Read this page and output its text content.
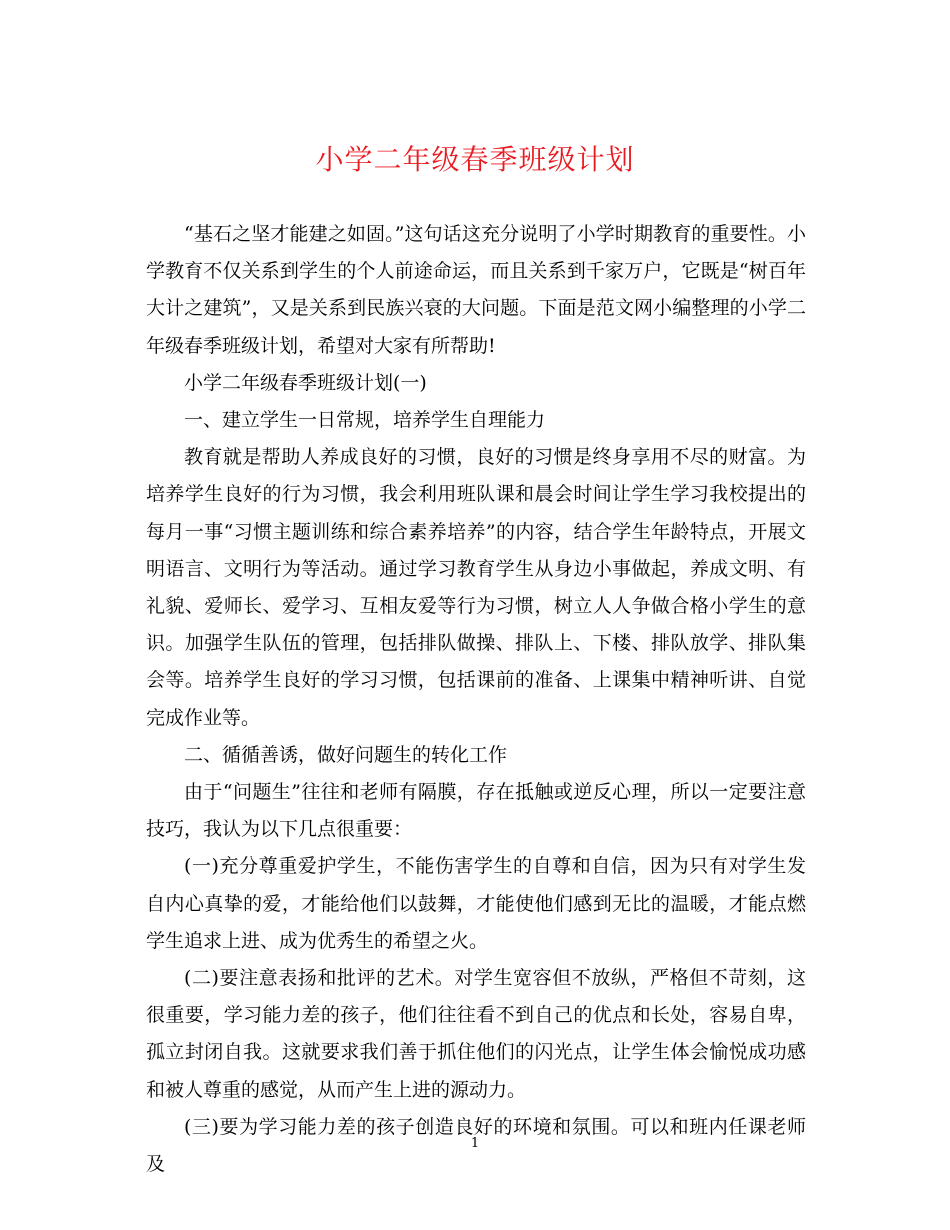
小学二年级春季班级计划

“基石之坚才能建之如固。”这句话这充分说明了小学时期教育的重要性。小学教育不仅关系到学生的个人前途命运，而且关系到千家万户，它既是“树百年大计之建筑”，又是关系到民族兴衰的大问题。下面是范文网小编整理的小学二年级春季班级计划，希望对大家有所帮助!

小学二年级春季班级计划(一)

一、建立学生一日常规，培养学生自理能力

教育就是帮助人养成良好的习惯，良好的习惯是终身享用不尽的财富。为培养学生良好的行为习惯，我会利用班队课和晨会时间让学生学习我校提出的每月一事“习惯主题训练和综合素养培养”的内容，结合学生年龄特点，开展文明语言、文明行为等活动。通过学习教育学生从身边小事做起，养成文明、有礼貌、爱师长、爱学习、互相友爱等行为习惯，树立人人争做合格小学生的意识。加强学生队伍的管理，包括排队做操、排队上、下楼、排队放学、排队集会等。培养学生良好的学习习惯，包括课前的准备、上课集中精神听讲、自觉完成作业等。

二、循循善诱，做好问题生的转化工作

由于“问题生”往往和老师有隔膜，存在抵触或逆反心理，所以一定要注意技巧，我认为以下几点很重要：

(一)充分尊重爱护学生，不能伤害学生的自尊和自信，因为只有对学生发自内心真挚的爱，才能给他们以鼓舞，才能使他们感到无比的温暖，才能点燃学生追求上进、成为优秀生的希望之火。

(二)要注意表扬和批评的艺术。对学生宽容但不放纵，严格但不苛刻，这很重要，学习能力差的孩子，他们往往看不到自己的优点和长处，容易自卑，孤立封闭自我。这就要求我们善于抓住他们的闪光点，让学生体会愉悦成功感和被人尊重的感觉，从而产生上进的源动力。

(三)要为学习能力差的孩子创造良好的环境和氛围。可以和班内任课老师及

1
